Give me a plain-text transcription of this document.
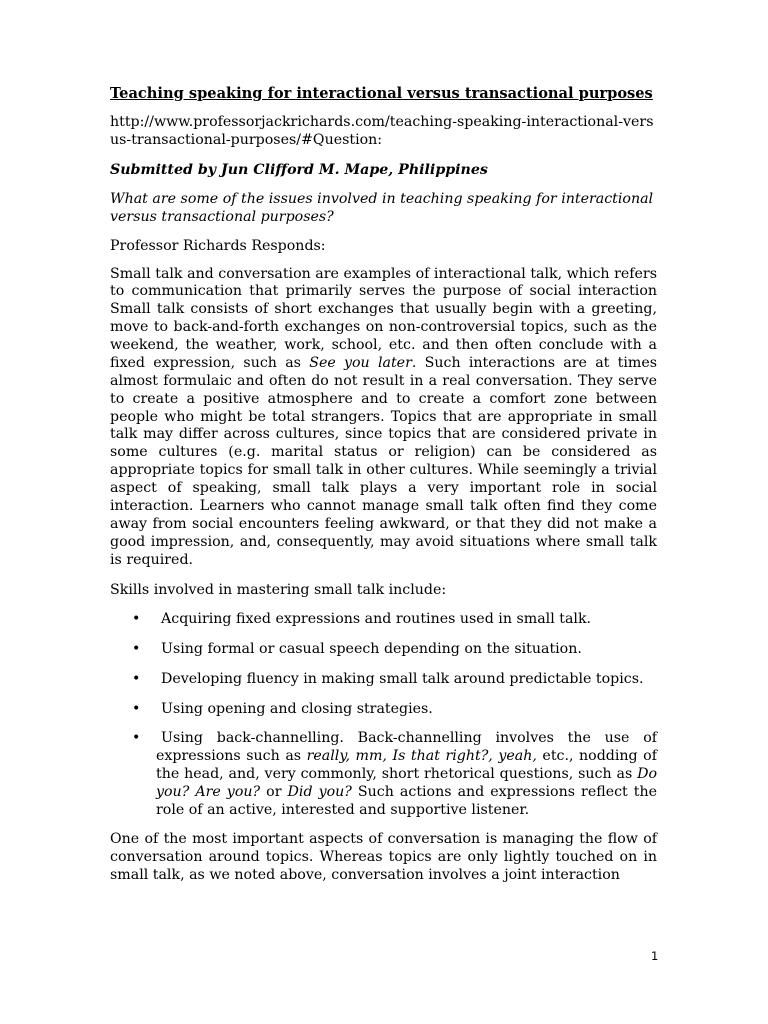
Teaching speaking for interactional versus transactional purposes

http://www.professorjackrichards.com/teaching-speaking-interactional-versus-transactional-purposes/#Question:

Submitted by Jun Clifford M. Mape, Philippines

What are some of the issues involved in teaching speaking for interactional versus transactional purposes?

Professor Richards Responds:

Small talk and conversation are examples of interactional talk, which refers to communication that primarily serves the purpose of social interaction Small talk consists of short exchanges that usually begin with a greeting, move to back-and-forth exchanges on non-controversial topics, such as the weekend, the weather, work, school, etc. and then often conclude with a fixed expression, such as See you later. Such interactions are at times almost formulaic and often do not result in a real conversation. They serve to create a positive atmosphere and to create a comfort zone between people who might be total strangers. Topics that are appropriate in small talk may differ across cultures, since topics that are considered private in some cultures (e.g. marital status or religion) can be considered as appropriate topics for small talk in other cultures. While seemingly a trivial aspect of speaking, small talk plays a very important role in social interaction. Learners who cannot manage small talk often find they come away from social encounters feeling awkward, or that they did not make a good impression, and, consequently, may avoid situations where small talk is required.

Skills involved in mastering small talk include:

• Acquiring fixed expressions and routines used in small talk.
• Using formal or casual speech depending on the situation.
• Developing fluency in making small talk around predictable topics.
• Using opening and closing strategies.
• Using back-channelling. Back-channelling involves the use of expressions such as really, mm, Is that right?, yeah, etc., nodding of the head, and, very commonly, short rhetorical questions, such as Do you? Are you? or Did you? Such actions and expressions reflect the role of an active, interested and supportive listener.

One of the most important aspects of conversation is managing the flow of conversation around topics. Whereas topics are only lightly touched on in small talk, as we noted above, conversation involves a joint interaction

1
